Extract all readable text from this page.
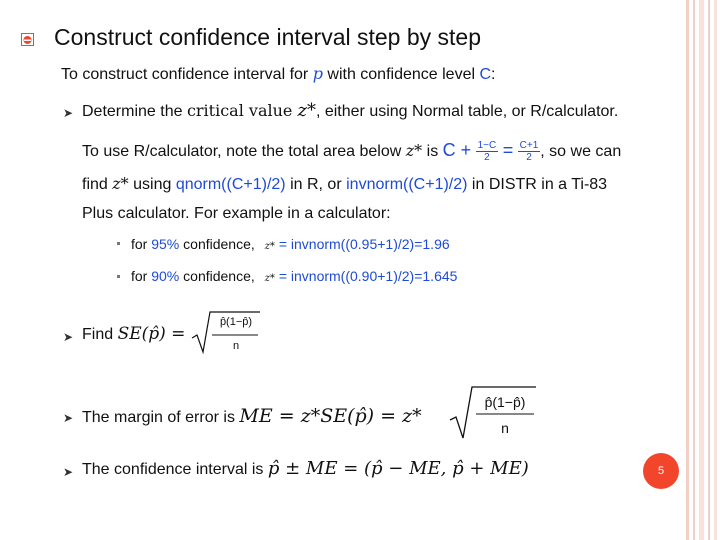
Construct confidence interval step by step
To construct confidence interval for p with confidence level C:
➤ Determine the critical value z*, either using Normal table, or R/calculator.
To use R/calculator, note the total area below z* is $C + \frac{1-C}{2} = \frac{C+1}{2}$ , so we can
find z* using qnorm((C+1)/2) in R, or invnorm((C+1)/2) in DISTR in a Ti-83
Plus calculator. For example in a calculator:
for 95% confidence, z* = invnorm((0.95+1)/2)=1.96
for 90% confidence, z* = invnorm((0.90+1)/2)=1.645
➤ Find SE(p̂) =
p̂(1−p̂)
n
➤ The margin of error is ME = z*SE(p̂) = z*
p̂(1−p̂)
n
➤ The confidence interval is p̂ ± ME = (p̂ − ME, p̂ + ME)	5
